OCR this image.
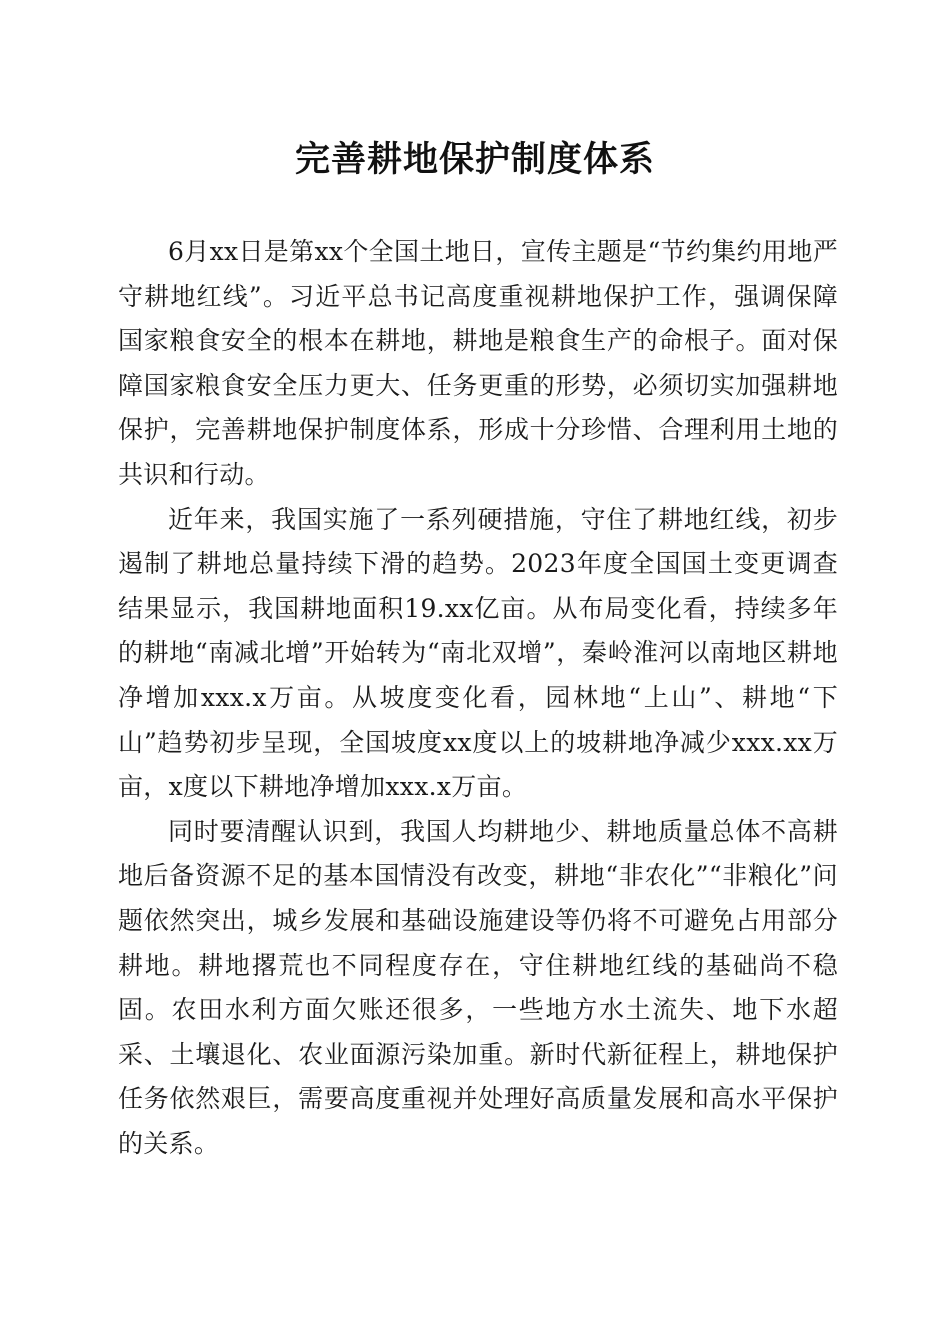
完善耕地保护制度体系

6月xx日是第xx个全国土地日，宣传主题是“节约集约用地严守耕地红线”。习近平总书记高度重视耕地保护工作，强调保障国家粮食安全的根本在耕地，耕地是粮食生产的命根子。面对保障国家粮食安全压力更大、任务更重的形势，必须切实加强耕地保护，完善耕地保护制度体系，形成十分珍惜、合理利用土地的共识和行动。

近年来，我国实施了一系列硬措施，守住了耕地红线，初步遏制了耕地总量持续下滑的趋势。2023年度全国国土变更调查结果显示，我国耕地面积19.xx亿亩。从布局变化看，持续多年的耕地“南减北增”开始转为“南北双增”，秦岭淮河以南地区耕地净增加xxx.x万亩。从坡度变化看，园林地“上山”、耕地“下山”趋势初步呈现，全国坡度xx度以上的坡耕地净减少xxx.xx万亩，x度以下耕地净增加xxx.x万亩。

同时要清醒认识到，我国人均耕地少、耕地质量总体不高耕地后备资源不足的基本国情没有改变，耕地“非农化”“非粮化”问题依然突出，城乡发展和基础设施建设等仍将不可避免占用部分耕地。耕地撂荒也不同程度存在，守住耕地红线的基础尚不稳固。农田水利方面欠账还很多，一些地方水土流失、地下水超采、土壤退化、农业面源污染加重。新时代新征程上，耕地保护任务依然艰巨，需要高度重视并处理好高质量发展和高水平保护的关系。
